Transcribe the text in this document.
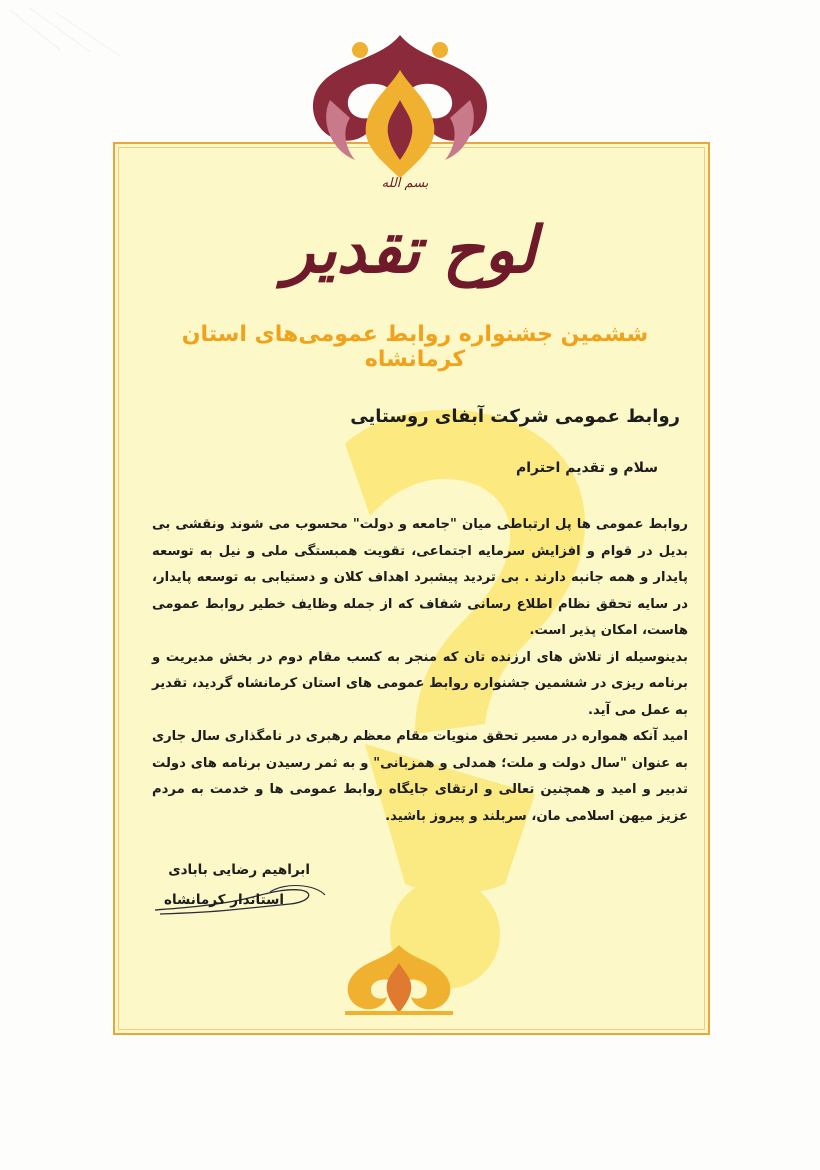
بسم الله
لوح تقدیر
ششمین جشنواره روابط عمومی‌های استان کرمانشاه
روابط عمومی شرکت آبفای روستایی
سلام و تقدیم احترام

روابط عمومی ها پل ارتباطی میان "جامعه و دولت" محسوب می شوند ونقشی بی بدیل در قوام و افزایش سرمایه اجتماعی، تقویت همبستگی ملی و نیل به توسعه پایدار و همه جانبه دارند . بی تردید پیشبرد اهداف کلان و دستیابی به توسعه پایدار، در سایه تحقق نظام اطلاع رسانی شفاف که از جمله وظایف خطیر روابط عمومی هاست، امکان پذیر است.

بدینوسیله از تلاش های ارزنده تان که منجر به کسب مقام دوم در بخش مدیریت و برنامه ریزی در ششمین جشنواره روابط عمومی های استان کرمانشاه گردید، تقدیر به عمل می آید.

امید آنکه همواره در مسیر تحقق منویات مقام معظم رهبری در نامگذاری سال جاری به عنوان "سال دولت و ملت؛ همدلی و همزبانی" و به ثمر رسیدن برنامه های دولت تدبیر و امید و همچنین تعالی و ارتقای جایگاه روابط عمومی ها و خدمت به مردم عزیز میهن اسلامی مان، سربلند و پیروز باشید.

ابراهیم رضایی بابادی
استاندار کرمانشاه
